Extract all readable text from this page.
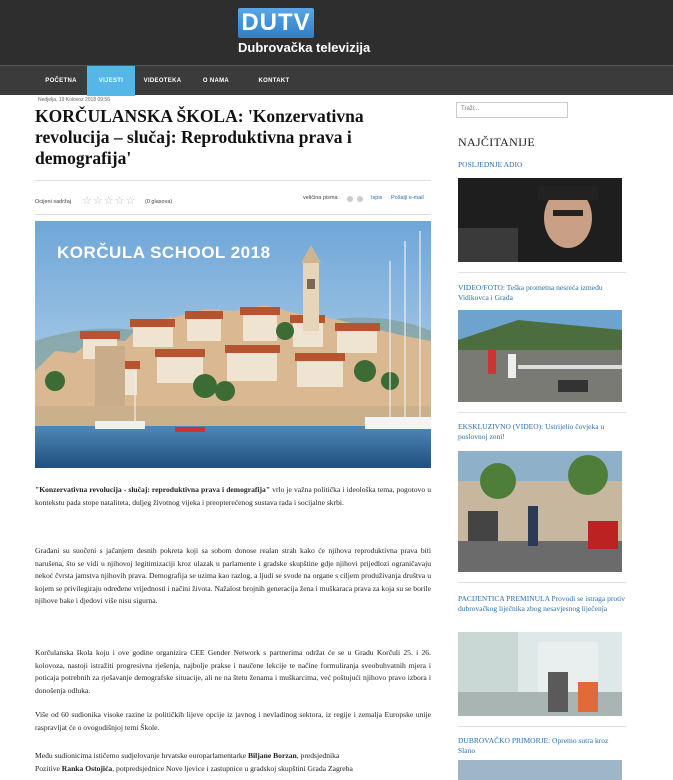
DUTV
Dubrovačka televizija
POČETNA	VIJESTI	VIDEOTEKA	O NAMA	KONTAKT
Nedjelja, 19 Kolovoz 2018 09:56
KORČULANSKA ŠKOLA: 'Konzervativna revolucija – slučaj: Reproduktivna prava i demografija'
Ocijeni sadržaj ☆☆☆☆☆ (0 glasova)
veličina pisma	Ispis Pošalji e-mail
KORČULA SCHOOL 2018

"Konzervativna revolucija - slučaj: reproduktivna prava i demografija" vrlo je važna politička i ideološka tema, pogotovo u kontekstu pada stope nataliteta, duljeg životnog vijeka i preopterećenog sustava rada i socijalne skrbi.

Građani su suočeni s jačanjem desnih pokreta koji sa sobom donose realan strah kako će njihova reproduktivna prava biti narušena, što se vidi u njihovoj legitimizaciji kroz ulazak u parlamente i gradske skupštine gdje njihovi prijedlozi ograničavaju nekoć čvrsta jamstva njihovih prava. Demografija se uzima kao razlog, a ljudi se svode na organe s ciljem produživanja društva u kojem se privilegiraju određene vrijednosti i načini života. Nažalost brojnih generacija žena i muškaraca prava za koja su se borile njihove bake i djedovi više nisu sigurna.

Korčulanska škola koju i ove godine organizira CEE Gender Network s partnerima održat će se u Gradu Korčuli 25. i 26. kolovoza, nastoji istražiti progresivna rješenja, najbolje prakse i naučene lekcije te načine formuliranja sveobuhvatnih mjera i poticaja potrebnih za rješavanje demografske situacije, ali ne na štetu ženama i muškarcima, već poštujući njihovo pravo izbora i donošenja odluka.

Više od 60 sudionika visoke razine iz političkih lijeve opcije iz javnog i nevladinog sektora, iz regije i zemalja Europske unije raspravljat će o ovogodišnjoj temi Škole.

Među sudionicima ističemo sudjelovanje hrvatske europarlamentarke Biljane Borzan, predsjednika
Pozitive Ranka Ostojića, potpredsjednice Nove ljevice i zastupnice u gradskoj skupštini Grada Zagreba

Traži...
NAJČITANIJE
POSLJEDNJE ADIO
VIDEO/FOTO: Teška prometna nesreća između Vidikovca i Grada
EKSKLUZIVNO (VIDEO): Ustrijelio čovjeka u poslovnoj zoni!
PACIJENTICA PREMINULA Provodi se istraga protiv dubrovačkog liječnika zbog nesavjesnog liječenja
DUBROVAČKO PRIMORJE: Opremo sutra kroz Slano
